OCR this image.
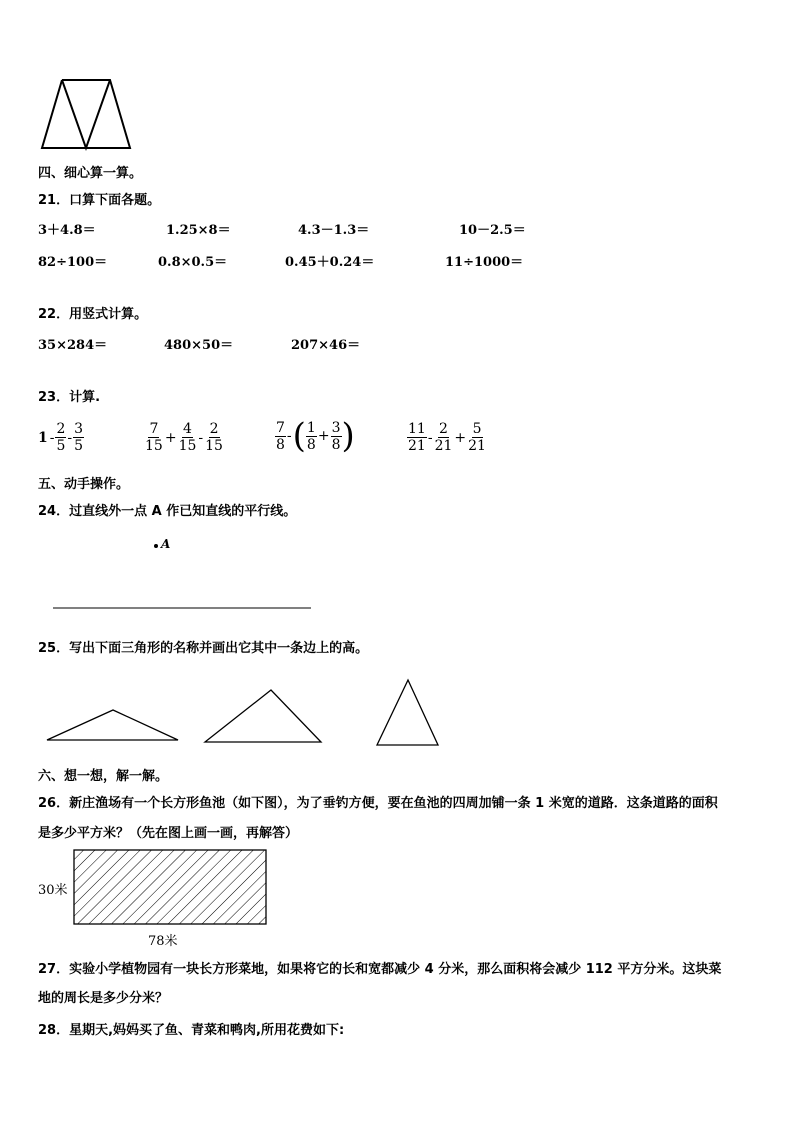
四、细心算一算。
21．口算下面各题。
3＋4.8＝	1.25×8＝	4.3－1.3＝	10－2.5＝
82÷100＝	0.8×0.5＝	0.45＋0.24＝	11÷1000＝
22．用竖式计算。
35×284＝	480×50＝	207×46＝
23．计算.
$1 - \frac{2}{5} - \frac{3}{5}$	$\frac{7}{15} + \frac{4}{15} - \frac{2}{15}$	$\frac{7}{8}$ - ( $\frac{1}{8} + \frac{3}{8}$ )	$\frac{11}{21} - \frac{2}{21} + \frac{5}{21}$
五、动手操作。
24．过直线外一点 A 作已知直线的平行线。
A
25．写出下面三角形的名称并画出它其中一条边上的高。
六、想一想，解一解。
26．新庄渔场有一个长方形鱼池（如下图），为了垂钓方便，要在鱼池的四周加铺一条 1 米宽的道路．这条道路的面积
是多少平方米？（先在图上画一画，再解答）
30米
78米
27．实验小学植物园有一块长方形菜地，如果将它的长和宽都减少 4 分米，那么面积将会减少 112 平方分米。这块菜
地的周长是多少分米？
28．星期天,妈妈买了鱼、青菜和鸭肉,所用花费如下:
